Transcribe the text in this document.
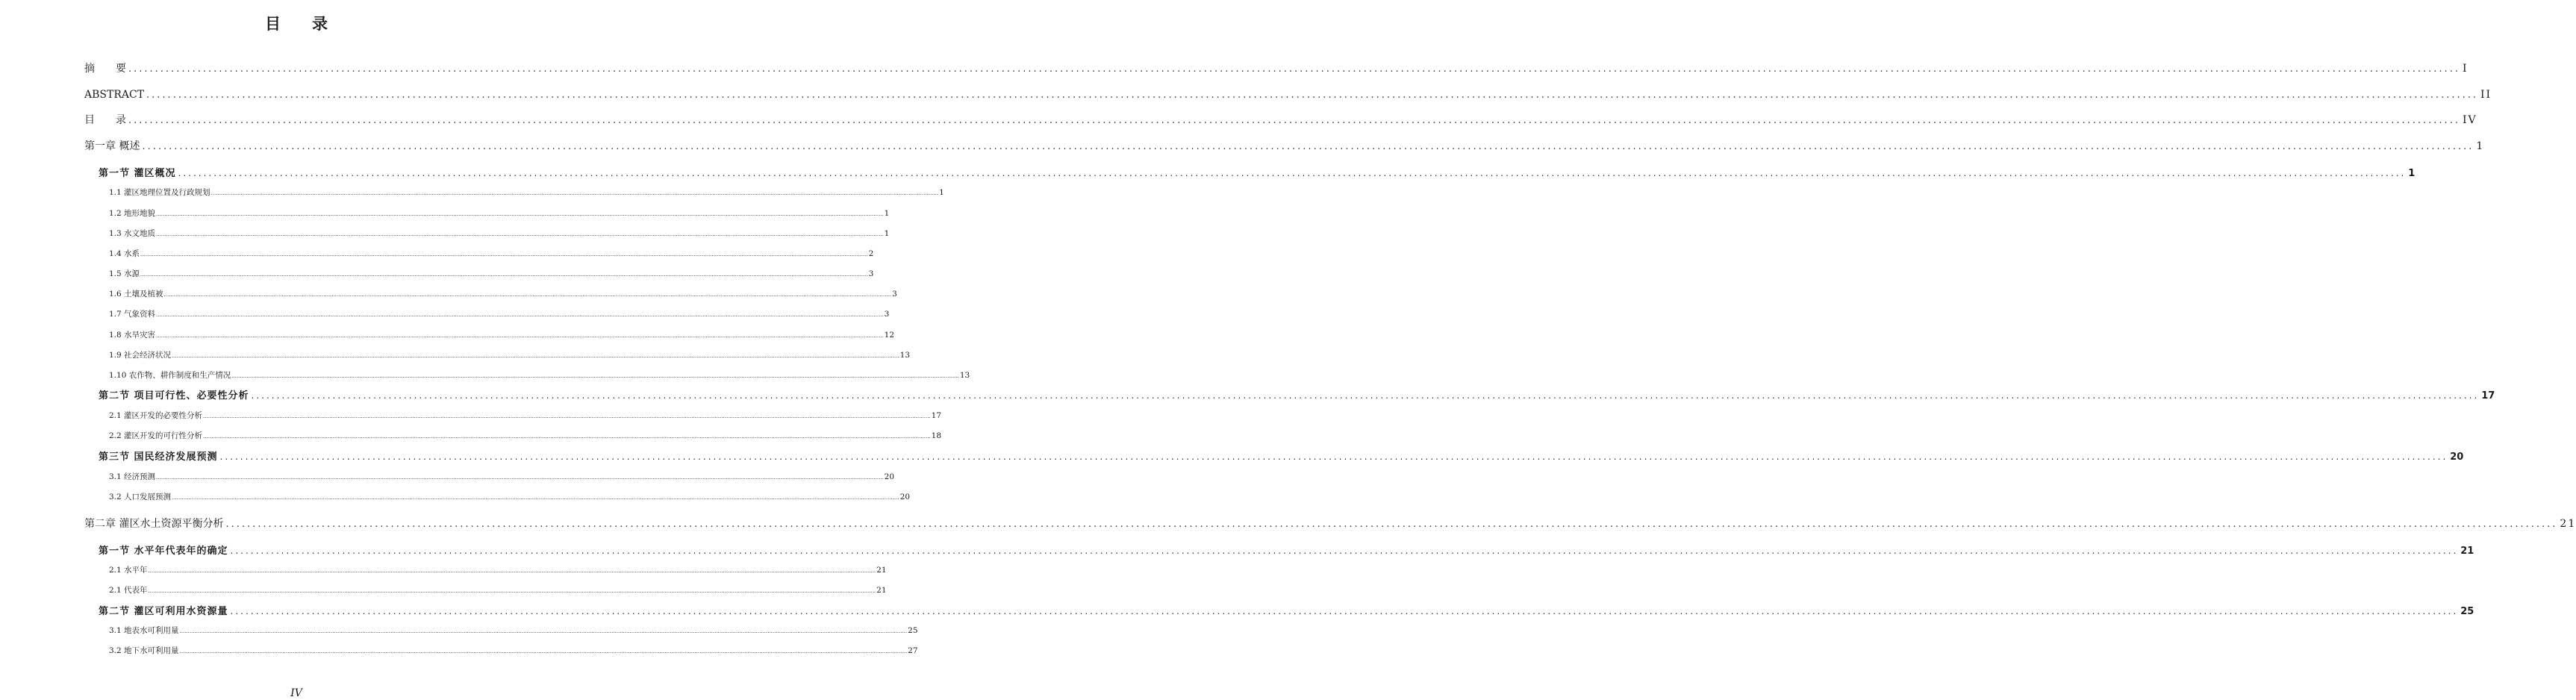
目　　录
摘　　要 ...................................................................................................................................................................................................................................................................................................................................................................................................................................................... I
ABSTRACT ...................................................................................................................................................................................................................................................................................................................................................................................................................................................... II
目　　录 ...................................................................................................................................................................................................................................................................................................................................................................................................................................................... IV
第一章 概述 ...................................................................................................................................................................................................................................................................................................................................................................................................................................................... 1
第一节 灌区概况 ...................................................................................................................................................................................................................................................................................................................................................................................................................................................... 1
1.1 灌区地理位置及行政规划 ...................................................................................................................................................................................................................................................................................................................................................................................................................................................... 1
1.2 地形地貌 ...................................................................................................................................................................................................................................................................................................................................................................................................................................................... 1
1.3 水文地质 ...................................................................................................................................................................................................................................................................................................................................................................................................................................................... 1
1.4 水系 ...................................................................................................................................................................................................................................................................................................................................................................................................................................................... 2
1.5 水源 ...................................................................................................................................................................................................................................................................................................................................................................................................................................................... 3
1.6 土壤及植被 ...................................................................................................................................................................................................................................................................................................................................................................................................................................................... 3
1.7 气象资料 ...................................................................................................................................................................................................................................................................................................................................................................................................................................................... 3
1.8 水旱灾害 ...................................................................................................................................................................................................................................................................................................................................................................................................................................................... 12
1.9 社会经济状况 ...................................................................................................................................................................................................................................................................................................................................................................................................................................................... 13
1.10 农作物、耕作制度和生产情况 ...................................................................................................................................................................................................................................................................................................................................................................................................................................................... 13
第二节 项目可行性、必要性分析 ...................................................................................................................................................................................................................................................................................................................................................................................................................................................... 17
2.1 灌区开发的必要性分析 ...................................................................................................................................................................................................................................................................................................................................................................................................................................................... 17
2.2 灌区开发的可行性分析 ...................................................................................................................................................................................................................................................................................................................................................................................................................................................... 18
第三节 国民经济发展预测 ...................................................................................................................................................................................................................................................................................................................................................................................................................................................... 20
3.1 经济预测 ...................................................................................................................................................................................................................................................................................................................................................................................................................................................... 20
3.2 人口发展预测 ...................................................................................................................................................................................................................................................................................................................................................................................................................................................... 20
第二章 灌区水土资源平衡分析 ...................................................................................................................................................................................................................................................................................................................................................................................................................................................... 21
第一节 水平年代表年的确定 ...................................................................................................................................................................................................................................................................................................................................................................................................................................................... 21
2.1 水平年 ...................................................................................................................................................................................................................................................................................................................................................................................................................................................... 21
2.1 代表年 ...................................................................................................................................................................................................................................................................................................................................................................................................................................................... 21
第二节 灌区可利用水资源量 ...................................................................................................................................................................................................................................................................................................................................................................................................................................................... 25
3.1 地表水可利用量 ...................................................................................................................................................................................................................................................................................................................................................................................................................................................... 25
3.2 地下水可利用量 ...................................................................................................................................................................................................................................................................................................................................................................................................................................................... 27
IV
